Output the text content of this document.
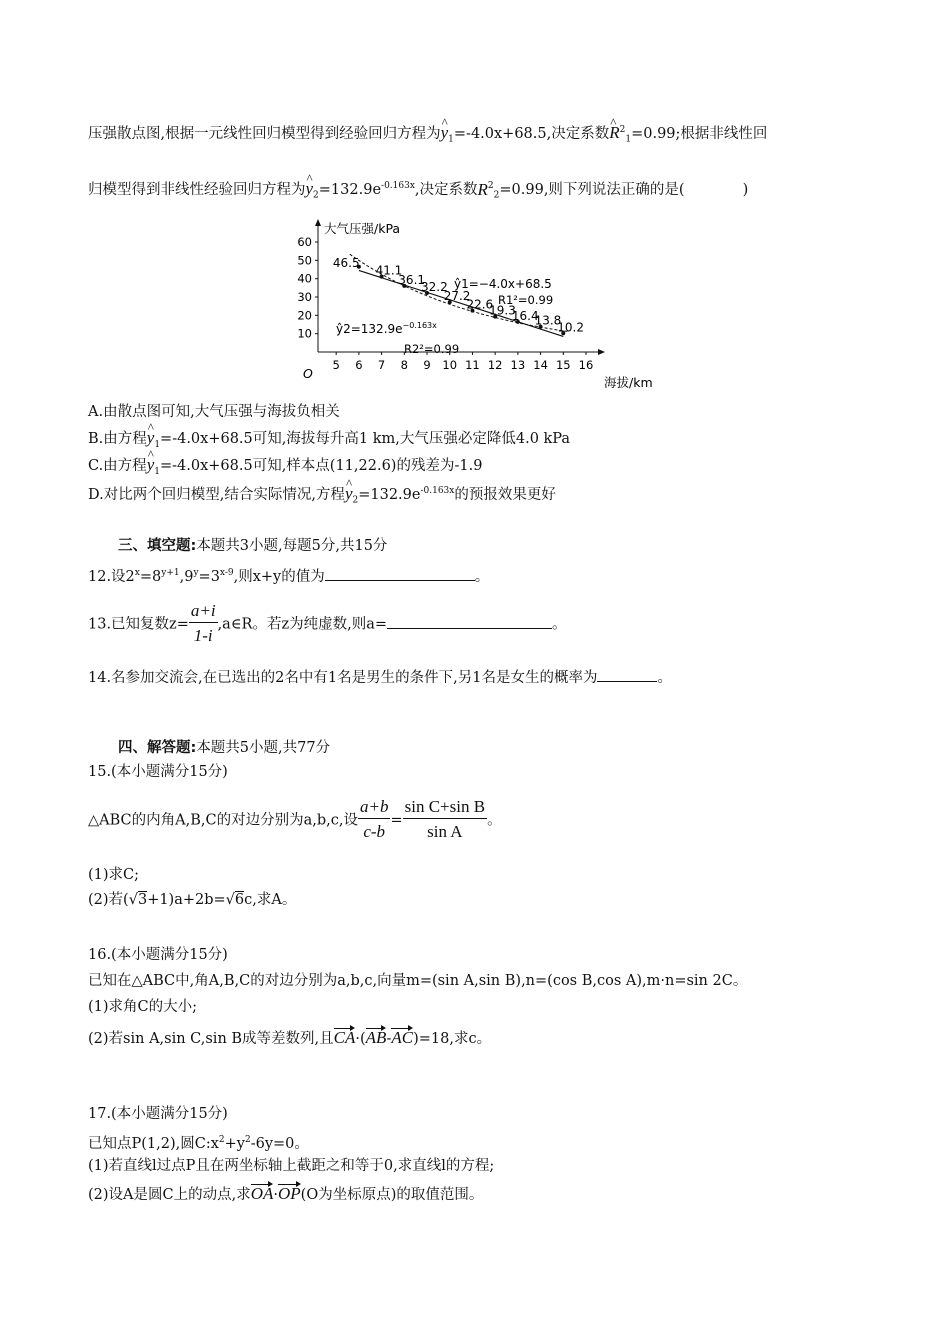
压强散点图,根据一元线性回归模型得到经验回归方程为^ $y_1=-4.0x+68.5$,决定系数^ $R^2_1=0.99$;根据非线性回
归模型得到非线性经验回归方程为^ $y_2=132.9e^{-0.163x}$,决定系数$R^2_2=0.99$,则下列说法正确的是(	)
5 6 7 8 9 10 11 12 13 14 15 16
10
20
30
40
50
60
46.5
41.1
36.1
32.2
27.2
22.6
19.3
16.4
13.8
10.2
大气压强/kPa
海拔/km
O
ŷ1=−4.0x+68.5
R1²=0.99
$ŷ2=132.9e^{-0.163x}$
R2²=0.99
A.由散点图可知,大气压强与海拔负相关
B.由方程^ $y_1=-4.0x+68.5$可知,海拔每升高1 km,大气压强必定降低4.0 kPa
C.由方程^ $y_1=-4.0x+68.5$可知,样本点(11,22.6)的残差为-1.9
D.对比两个回归模型,结合实际情况,方程^ $y_2=132.9e^{-0.163x}$的预报效果更好
三、填空题:本题共3小题,每题5分,共15分
12.设$2^x=8^{y+1},9^y=3^{x-9}$,则x+y的值为	。
13.已知复数$z= \frac{a+i}{1-i}$ ,a∈R。若z为纯虚数,则a=	。
14.名参加交流会,在已选出的2名中有1名是男生的条件下,另1名是女生的概率为	。
四、解答题:本题共5小题,共77分
15.(本小题满分15分)
△ABC的内角A,B,C的对边分别为a,b,c,设 $\frac{a+b}{c-b} = \frac{\text{sin C+sin B}}{\text{sin A}}$ 。
(1)求C;
(2)若(√3+1)a+2b=√6c,求A。
16.(本小题满分15分)
已知在△ABC中,角A,B,C的对边分别为a,b,c,向量m=(sin A,sin B),n=(cos B,cos A),m·n=sin 2C。
(1)求角C的大小;
(2)若sin A,sin C,sin B成等差数列,且CA·(AB-AC)=18,求c。
17.(本小题满分15分)
已知点P(1,2),圆$C:x^2+y^2-6y=0$。
(1)若直线l过点P且在两坐标轴上截距之和等于0,求直线l的方程;
(2)设A是圆C上的动点,求OA·OP(O为坐标原点)的取值范围。
